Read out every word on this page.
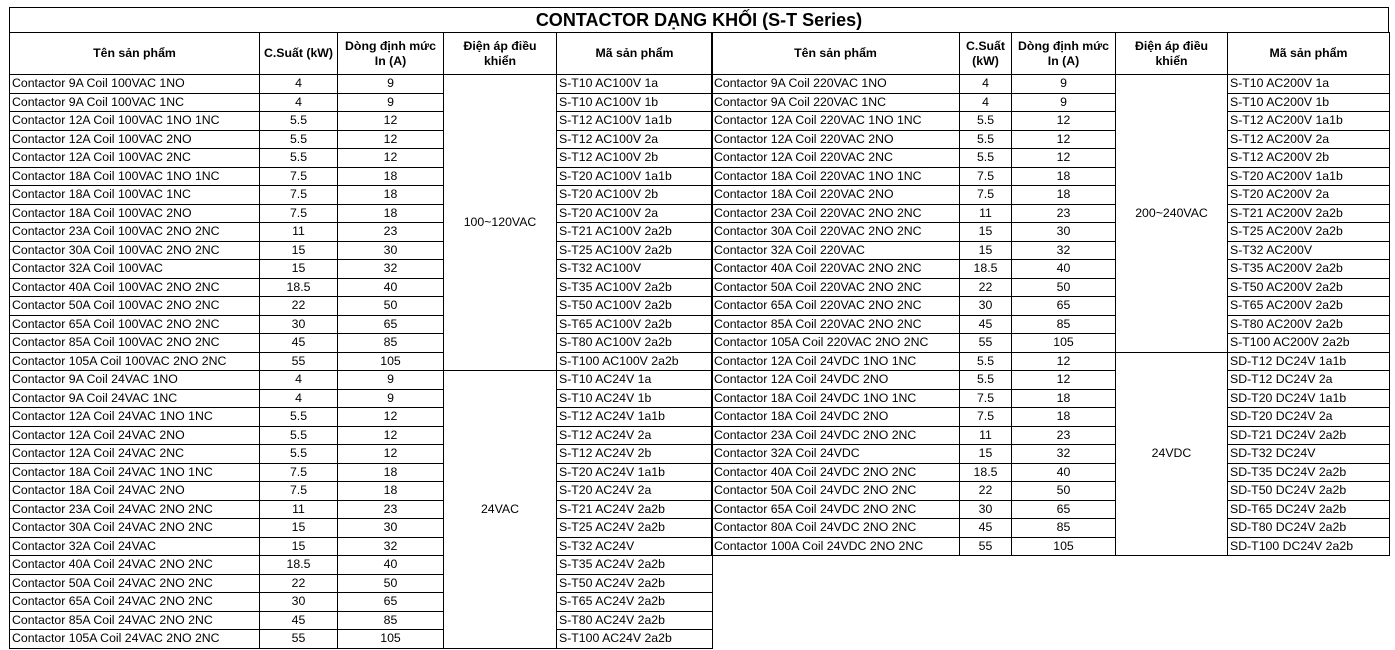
CONTACTOR DẠNG KHỐI (S-T Series)
Tên sản phẩm	C.Suất (kW)	Dòng định mức In (A)	Điện áp điều khiển	Mã sản phẩm
Contactor 9A Coil 100VAC 1NO	4	9	100~120VAC	S-T10 AC100V 1a
Contactor 9A Coil 100VAC 1NC	4	9		S-T10 AC100V 1b
Contactor 12A Coil 100VAC 1NO 1NC	5.5	12		S-T12 AC100V 1a1b
Contactor 12A Coil 100VAC 2NO	5.5	12		S-T12 AC100V 2a
Contactor 12A Coil 100VAC 2NC	5.5	12		S-T12 AC100V 2b
Contactor 18A Coil 100VAC 1NO 1NC	7.5	18		S-T20 AC100V 1a1b
Contactor 18A Coil 100VAC 1NC	7.5	18		S-T20 AC100V 2b
Contactor 18A Coil 100VAC 2NO	7.5	18		S-T20 AC100V 2a
Contactor 23A Coil 100VAC 2NO 2NC	11	23		S-T21 AC100V 2a2b
Contactor 30A Coil 100VAC 2NO 2NC	15	30		S-T25 AC100V 2a2b
Contactor 32A Coil 100VAC	15	32		S-T32 AC100V
Contactor 40A Coil 100VAC 2NO 2NC	18.5	40		S-T35 AC100V 2a2b
Contactor 50A Coil 100VAC 2NO 2NC	22	50		S-T50 AC100V 2a2b
Contactor 65A Coil 100VAC 2NO 2NC	30	65		S-T65 AC100V 2a2b
Contactor 85A Coil 100VAC 2NO 2NC	45	85		S-T80 AC100V 2a2b
Contactor 105A Coil 100VAC 2NO 2NC	55	105		S-T100 AC100V 2a2b
Contactor 9A Coil 24VAC 1NO	4	9	24VAC	S-T10 AC24V 1a
Contactor 9A Coil 24VAC 1NC	4	9		S-T10 AC24V 1b
Contactor 12A Coil 24VAC 1NO 1NC	5.5	12		S-T12 AC24V 1a1b
Contactor 12A Coil 24VAC 2NO	5.5	12		S-T12 AC24V 2a
Contactor 12A Coil 24VAC 2NC	5.5	12		S-T12 AC24V 2b
Contactor 18A Coil 24VAC 1NO 1NC	7.5	18		S-T20 AC24V 1a1b
Contactor 18A Coil 24VAC 2NO	7.5	18		S-T20 AC24V 2a
Contactor 23A Coil 24VAC 2NO 2NC	11	23		S-T21 AC24V 2a2b
Contactor 30A Coil 24VAC 2NO 2NC	15	30		S-T25 AC24V 2a2b
Contactor 32A Coil 24VAC	15	32		S-T32 AC24V
Contactor 40A Coil 24VAC 2NO 2NC	18.5	40		S-T35 AC24V 2a2b
Contactor 50A Coil 24VAC 2NO 2NC	22	50		S-T50 AC24V 2a2b
Contactor 65A Coil 24VAC 2NO 2NC	30	65		S-T65 AC24V 2a2b
Contactor 85A Coil 24VAC 2NO 2NC	45	85		S-T80 AC24V 2a2b
Contactor 105A Coil 24VAC 2NO 2NC	55	105		S-T100 AC24V 2a2b
Tên sản phẩm	C.Suất (kW)	Dòng định mức In (A)	Điện áp điều khiển	Mã sản phẩm
Contactor 9A Coil 220VAC 1NO	4	9	200~240VAC	S-T10 AC200V 1a
Contactor 9A Coil 220VAC 1NC	4	9		S-T10 AC200V 1b
Contactor 12A Coil 220VAC 1NO 1NC	5.5	12		S-T12 AC200V 1a1b
Contactor 12A Coil 220VAC 2NO	5.5	12		S-T12 AC200V 2a
Contactor 12A Coil 220VAC 2NC	5.5	12		S-T12 AC200V 2b
Contactor 18A Coil 220VAC 1NO 1NC	7.5	18		S-T20 AC200V 1a1b
Contactor 18A Coil 220VAC 2NO	7.5	18		S-T20 AC200V 2a
Contactor 23A Coil 220VAC 2NO 2NC	11	23		S-T21 AC200V 2a2b
Contactor 30A Coil 220VAC 2NO 2NC	15	30		S-T25 AC200V 2a2b
Contactor 32A Coil 220VAC	15	32		S-T32 AC200V
Contactor 40A Coil 220VAC 2NO 2NC	18.5	40		S-T35 AC200V 2a2b
Contactor 50A Coil 220VAC 2NO 2NC	22	50		S-T50 AC200V 2a2b
Contactor 65A Coil 220VAC 2NO 2NC	30	65		S-T65 AC200V 2a2b
Contactor 85A Coil 220VAC 2NO 2NC	45	85		S-T80 AC200V 2a2b
Contactor 105A Coil 220VAC 2NO 2NC	55	105		S-T100 AC200V 2a2b
Contactor 12A Coil 24VDC 1NO 1NC	5.5	12	24VDC	SD-T12 DC24V 1a1b
Contactor 12A Coil 24VDC 2NO	5.5	12		SD-T12 DC24V 2a
Contactor 18A Coil 24VDC 1NO 1NC	7.5	18		SD-T20 DC24V 1a1b
Contactor 18A Coil 24VDC 2NO	7.5	18		SD-T20 DC24V 2a
Contactor 23A Coil 24VDC 2NO 2NC	11	23		SD-T21 DC24V 2a2b
Contactor 32A Coil 24VDC	15	32		SD-T32 DC24V
Contactor 40A Coil 24VDC 2NO 2NC	18.5	40		SD-T35 DC24V 2a2b
Contactor 50A Coil 24VDC 2NO 2NC	22	50		SD-T50 DC24V 2a2b
Contactor 65A Coil 24VDC 2NO 2NC	30	65		SD-T65 DC24V 2a2b
Contactor 80A Coil 24VDC 2NO 2NC	45	85		SD-T80 DC24V 2a2b
Contactor 100A Coil 24VDC 2NO 2NC	55	105		SD-T100 DC24V 2a2b
